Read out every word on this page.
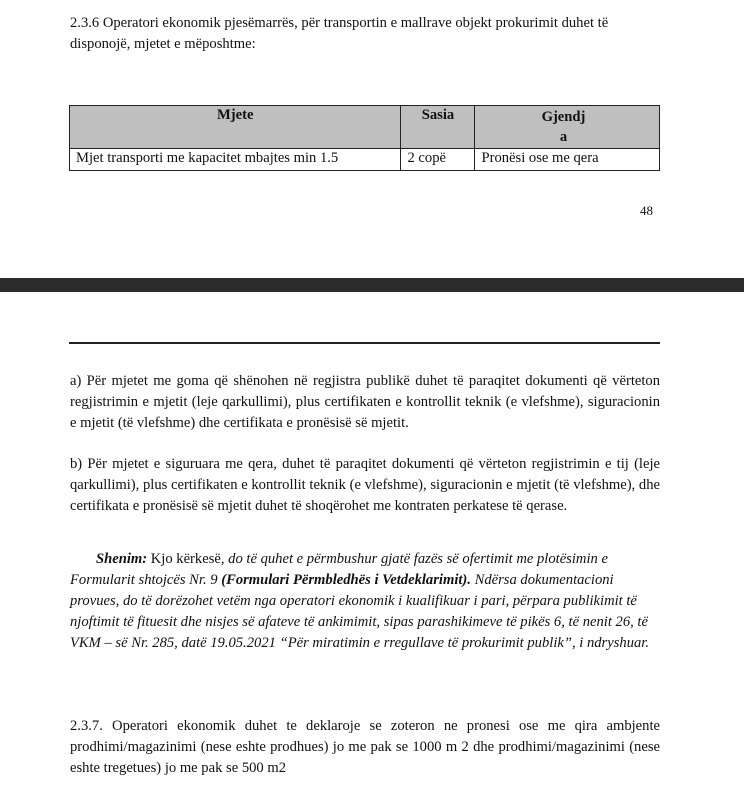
2.3.6 Operatori ekonomik pjesëmarrës, për transportin e mallrave objekt prokurimit duhet të disponojë, mjetet e mëposhtme:
Mjete	Sasia	Gjendj
a

Mjet transporti me kapacitet mbajtes min 1.5	2 copë	Pronësi ose me qera
48
a) Për mjetet me goma që shënohen në regjistra publikë duhet të paraqitet dokumenti që vërteton regjistrimin e mjetit (leje qarkullimi), plus certifikaten e kontrollit teknik (e vlefshme), siguracionin e mjetit (të vlefshme) dhe certifikata e pronësisë së mjetit.
b) Për mjetet e siguruara me qera, duhet të paraqitet dokumenti që vërteton regjistrimin e tij (leje qarkullimi), plus certifikaten e kontrollit teknik (e vlefshme), siguracionin e mjetit (të vlefshme), dhe certifikata e pronësisë së mjetit duhet të shoqërohet me kontraten perkatese të qerase.
Shenim: Kjo kërkesë, do të quhet e përmbushur gjatë fazës së ofertimit me plotësimin e Formularit shtojcës Nr. 9 (Formulari Përmbledhës i Vetdeklarimit). Ndërsa dokumentacioni provues, do të dorëzohet vetëm nga operatori ekonomik i kualifikuar i pari, përpara publikimit të njoftimit të fituesit dhe nisjes së afateve të ankimimit, sipas parashikimeve të pikës 6, të nenit 26, të VKM – së Nr. 285, datë 19.05.2021 “Për miratimin e rregullave të prokurimit publik”, i ndryshuar.
2.3.7. Operatori ekonomik duhet te deklaroje se zoteron ne pronesi ose me qira ambjente prodhimi/magazinimi (nese eshte prodhues) jo me pak se 1000 m 2 dhe prodhimi/magazinimi (nese eshte tregetues) jo me pak se 500 m2
